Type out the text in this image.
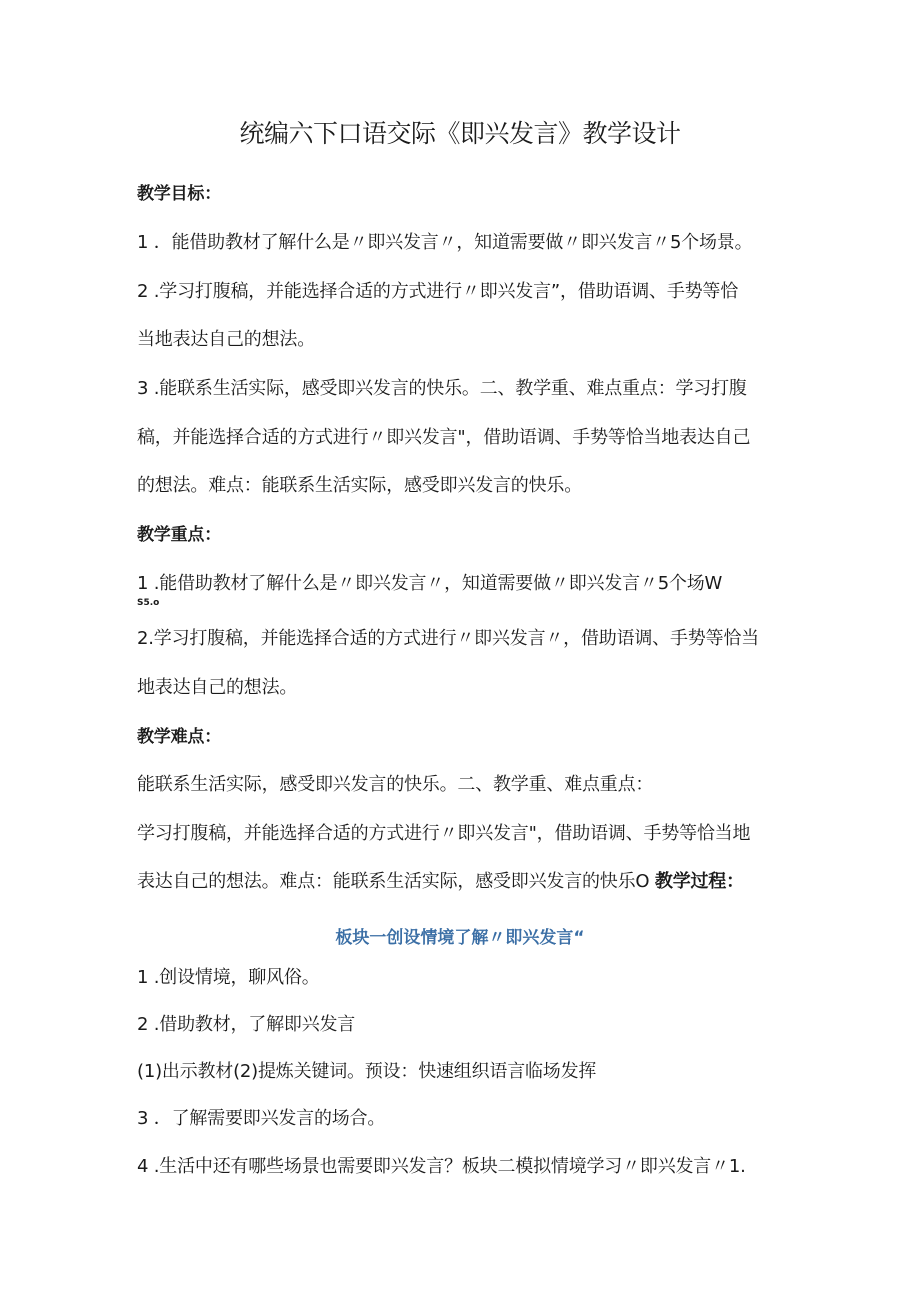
统编六下口语交际《即兴发言》教学设计
教学目标：
1 ．能借助教材了解什么是〃即兴发言〃，知道需要做〃即兴发言〃5个场景。
2 .学习打腹稿，并能选择合适的方式进行〃即兴发言”，借助语调、手势等恰
当地表达自己的想法。
3 .能联系生活实际，感受即兴发言的快乐。二、教学重、难点重点：学习打腹
稿，并能选择合适的方式进行〃即兴发言"，借助语调、手势等恰当地表达自己
的想法。难点：能联系生活实际，感受即兴发言的快乐。
教学重点：
1 .能借助教材了解什么是〃即兴发言〃，知道需要做〃即兴发言〃5个场W
S5.o
2.学习打腹稿，并能选择合适的方式进行〃即兴发言〃，借助语调、手势等恰当
地表达自己的想法。
教学难点：
能联系生活实际，感受即兴发言的快乐。二、教学重、难点重点：
学习打腹稿，并能选择合适的方式进行〃即兴发言"，借助语调、手势等恰当地
表达自己的想法。难点：能联系生活实际，感受即兴发言的快乐O 教学过程：
板块一创设情境了解〃即兴发言“
1 .创设情境，聊风俗。
2 .借助教材，了解即兴发言
(1)出示教材(2)提炼关键词。预设：快速组织语言临场发挥
3 ．了解需要即兴发言的场合。
4 .生活中还有哪些场景也需要即兴发言？板块二模拟情境学习〃即兴发言〃1.
